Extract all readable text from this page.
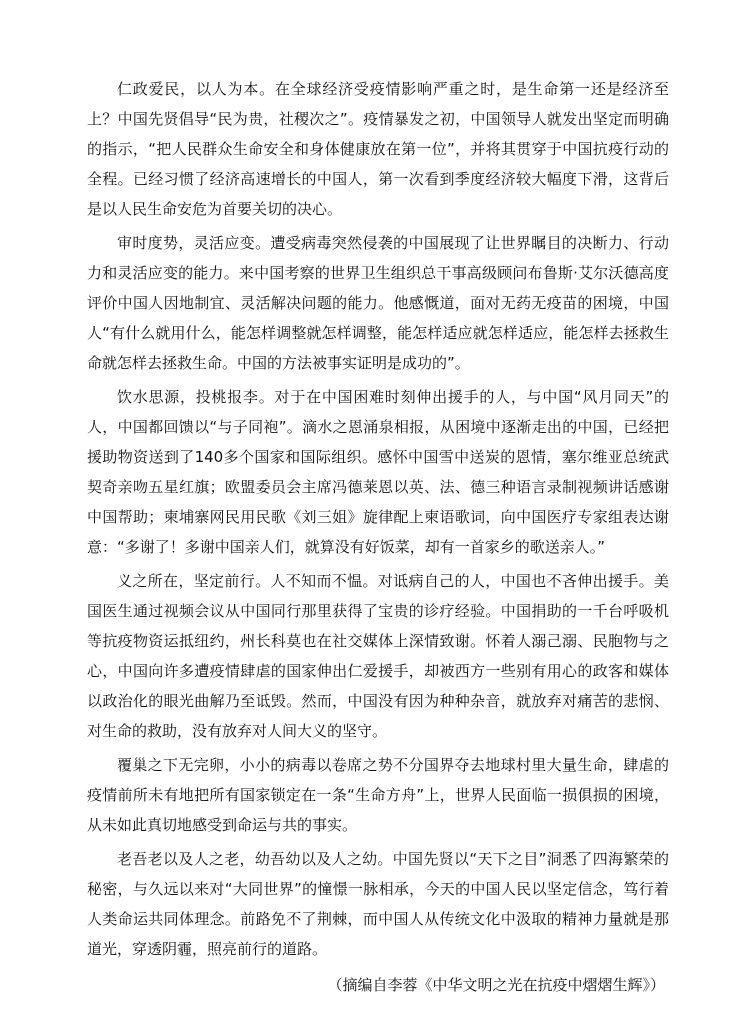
仁政爱民，以人为本。在全球经济受疫情影响严重之时，是生命第一还是经济至上？中国先贤倡导“民为贵，社稷次之”。疫情暴发之初，中国领导人就发出坚定而明确的指示，“把人民群众生命安全和身体健康放在第一位”，并将其贯穿于中国抗疫行动的全程。已经习惯了经济高速增长的中国人，第一次看到季度经济较大幅度下滑，这背后是以人民生命安危为首要关切的决心。

审时度势，灵活应变。遭受病毒突然侵袭的中国展现了让世界瞩目的决断力、行动力和灵活应变的能力。来中国考察的世界卫生组织总干事高级顾问布鲁斯·艾尔沃德高度评价中国人因地制宜、灵活解决问题的能力。他感慨道，面对无药无疫苗的困境，中国人“有什么就用什么，能怎样调整就怎样调整，能怎样适应就怎样适应，能怎样去拯救生命就怎样去拯救生命。中国的方法被事实证明是成功的”。

饮水思源，投桃报李。对于在中国困难时刻伸出援手的人，与中国“风月同天”的人，中国都回馈以“与子同袍”。滴水之恩涌泉相报，从困境中逐渐走出的中国，已经把援助物资送到了140多个国家和国际组织。感怀中国雪中送炭的恩情，塞尔维亚总统武契奇亲吻五星红旗；欧盟委员会主席冯德莱恩以英、法、德三种语言录制视频讲话感谢中国帮助；柬埔寨网民用民歌《刘三姐》旋律配上柬语歌词，向中国医疗专家组表达谢意：“多谢了！多谢中国亲人们，就算没有好饭菜，却有一首家乡的歌送亲人。”

义之所在，坚定前行。人不知而不愠。对诋病自己的人，中国也不吝伸出援手。美国医生通过视频会议从中国同行那里获得了宝贵的诊疗经验。中国捐助的一千台呼吸机等抗疫物资运抵纽约，州长科莫也在社交媒体上深情致谢。怀着人溺己溺、民胞物与之心，中国向许多遭疫情肆虐的国家伸出仁爱援手，却被西方一些别有用心的政客和媒体以政治化的眼光曲解乃至诋毁。然而，中国没有因为种种杂音，就放弃对痛苦的悲悯、对生命的救助，没有放弃对人间大义的坚守。

覆巢之下无完卵，小小的病毒以卷席之势不分国界夺去地球村里大量生命，肆虐的疫情前所未有地把所有国家锁定在一条“生命方舟”上，世界人民面临一损俱损的困境，从未如此真切地感受到命运与共的事实。

老吾老以及人之老，幼吾幼以及人之幼。中国先贤以“天下之目”洞悉了四海繁荣的秘密，与久远以来对“大同世界”的憧憬一脉相承，今天的中国人民以坚定信念，笃行着人类命运共同体理念。前路免不了荆棘，而中国人从传统文化中汲取的精神力量就是那道光，穿透阴霾，照亮前行的道路。

（摘编自李蓉《中华文明之光在抗疫中熠熠生辉》）
